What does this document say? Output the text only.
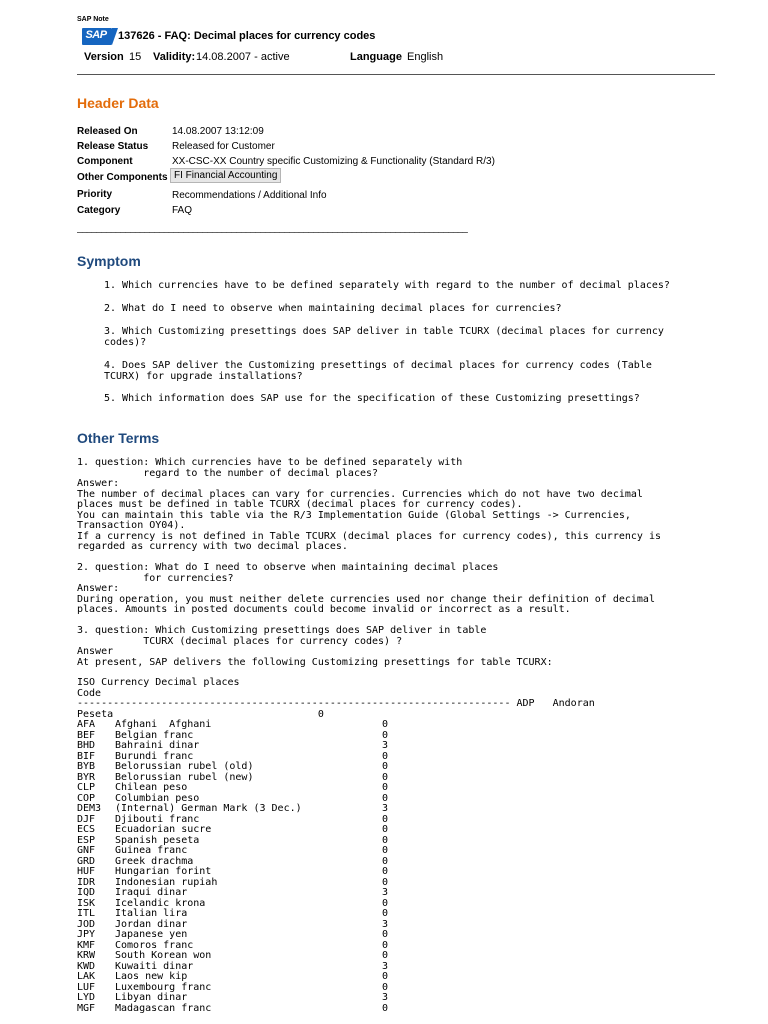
SAP Note
SAP	137626 - FAQ: Decimal places for currency codes
Version 15 Validity: 14.08.2007 - active	Language English
Header Data
Released On	14.08.2007 13:12:09
Release Status Released for Customer
Component	XX-CSC-XX Country specific Customizing & Functionality (Standard R/3)
Other Components FI Financial Accounting
Priority	Recommendations / Additional Info
Category	FAQ
—————————————————————————————————————————————————————————————————————————————————
Symptom
1. Which currencies have to be defined separately with regard to the number of decimal places?
2. What do I need to observe when maintaining decimal places for currencies?
3. Which Customizing presettings does SAP deliver in table TCURX (decimal places for currency
codes)?
4. Does SAP deliver the Customizing presettings of decimal places for currency codes (Table
TCURX) for upgrade installations?
5. Which information does SAP use for the specification of these Customizing presettings?
Other Terms
1. question: Which currencies have to be defined separately with
regard to the number of decimal places?
Answer:
The number of decimal places can vary for currencies. Currencies which do not have two decimal
places must be defined in table TCURX (decimal places for currency codes).
You can maintain this table via the R/3 Implementation Guide (Global Settings -> Currencies,
Transaction OY04).
If a currency is not defined in Table TCURX (decimal places for currency codes), this currency is
regarded as currency with two decimal places.
2. question: What do I need to observe when maintaining decimal places
for currencies?
Answer:
During operation, you must neither delete currencies used nor change their definition of decimal
places. Amounts in posted documents could become invalid or incorrect as a result.
3. question: Which Customizing presettings does SAP deliver in table
TCURX (decimal places for currency codes) ?
Answer
At present, SAP delivers the following Customizing presettings for table TCURX:
ISO Currency Decimal places
Code
------------------------------------------------------------------------ ADP   Andoran
Peseta                                  0
AFA Afghani  Afghani	0
BEF Belgian franc	0
BHD Bahraini dinar	3
BIF Burundi franc	0
BYB Belorussian rubel (old)	0
BYR Belorussian rubel (new)	0
CLP Chilean peso	0
COP Columbian peso	0
DEM3 (Internal) German Mark (3 Dec.)	3
DJF Djibouti franc	0
ECS Ecuadorian sucre	0
ESP Spanish peseta	0
GNF Guinea franc	0
GRD Greek drachma	0
HUF Hungarian forint	0
IDR Indonesian rupiah	0
IQD Iraqui dinar	3
ISK Icelandic krona	0
ITL Italian lira	0
JOD Jordan dinar	3
JPY Japanese yen	0
KMF Comoros franc	0
KRW South Korean won	0
KWD Kuwaiti dinar	3
LAK Laos new kip	0
LUF Luxembourg franc	0
LYD Libyan dinar	3
MGF Madagascan franc	0
